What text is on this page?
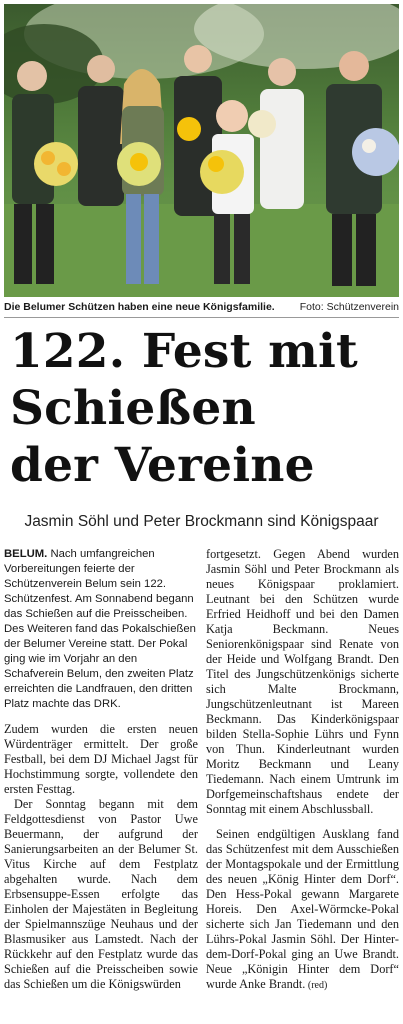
Die Belumer Schützen haben eine neue Königsfamilie. Foto: Schützenverein
122. Fest mit
Schießen
der Vereine
Jasmin Söhl und Peter Brockmann sind Königspaar

BELUM. Nach umfangreichen Vorbereitungen feierte der Schützenverein Belum sein 122. Schützenfest. Am Sonnabend begann das Schießen auf die Preisscheiben. Des Weiteren fand das Pokalschießen der Belumer Vereine statt. Der Pokal ging wie im Vorjahr an den Schafverein Belum, den zweiten Platz erreichten die Landfrauen, den dritten Platz machte das DRK.

Zudem wurden die ersten neuen Würdenträger ermittelt. Der große Festball, bei dem DJ Michael Jagst für Hochstimmung sorgte, vollendete den ersten Festtag.

Der Sonntag begann mit dem Feldgottesdienst von Pastor Uwe Beuermann, der aufgrund der Sanierungsarbeiten an der Belumer St. Vitus Kirche auf dem Festplatz abgehalten wurde. Nach dem Erbsensuppe-Essen erfolgte das Einholen der Majestäten in Begleitung der Spielmannszüge Neuhaus und der Blasmusiker aus Lamstedt. Nach der Rückkehr auf den Festplatz wurde das Schießen auf die Preisscheiben sowie das Schießen um die Königswürden

fortgesetzt. Gegen Abend wurden Jasmin Söhl und Peter Brockmann als neues Königspaar proklamiert. Leutnant bei den Schützen wurde Erfried Heidhoff und bei den Damen Katja Beckmann. Neues Seniorenkönigspaar sind Renate von der Heide und Wolfgang Brandt. Den Titel des Jungschützenkönigs sicherte sich Malte Brockmann, Jungschützenleutnant ist Mareen Beckmann. Das Kinderkönigspaar bilden Stella-Sophie Lührs und Fynn von Thun. Kinderleutnant wurden Moritz Beckmann und Leany Tiedemann. Nach einem Umtrunk im Dorfgemeinschaftshaus endete der Sonntag mit einem Abschlussball.

Seinen endgültigen Ausklang fand das Schützenfest mit dem Ausschießen der Montagspokale und der Ermittlung des neuen „König Hinter dem Dorf“. Den Hess-Pokal gewann Margarete Horeis. Den Axel-Wörmcke-Pokal sicherte sich Jan Tiedemann und den Lührs-Pokal Jasmin Söhl. Der Hinter-dem-Dorf-Pokal ging an Uwe Brandt. Neue „Königin Hinter dem Dorf“ wurde Anke Brandt. (red)
